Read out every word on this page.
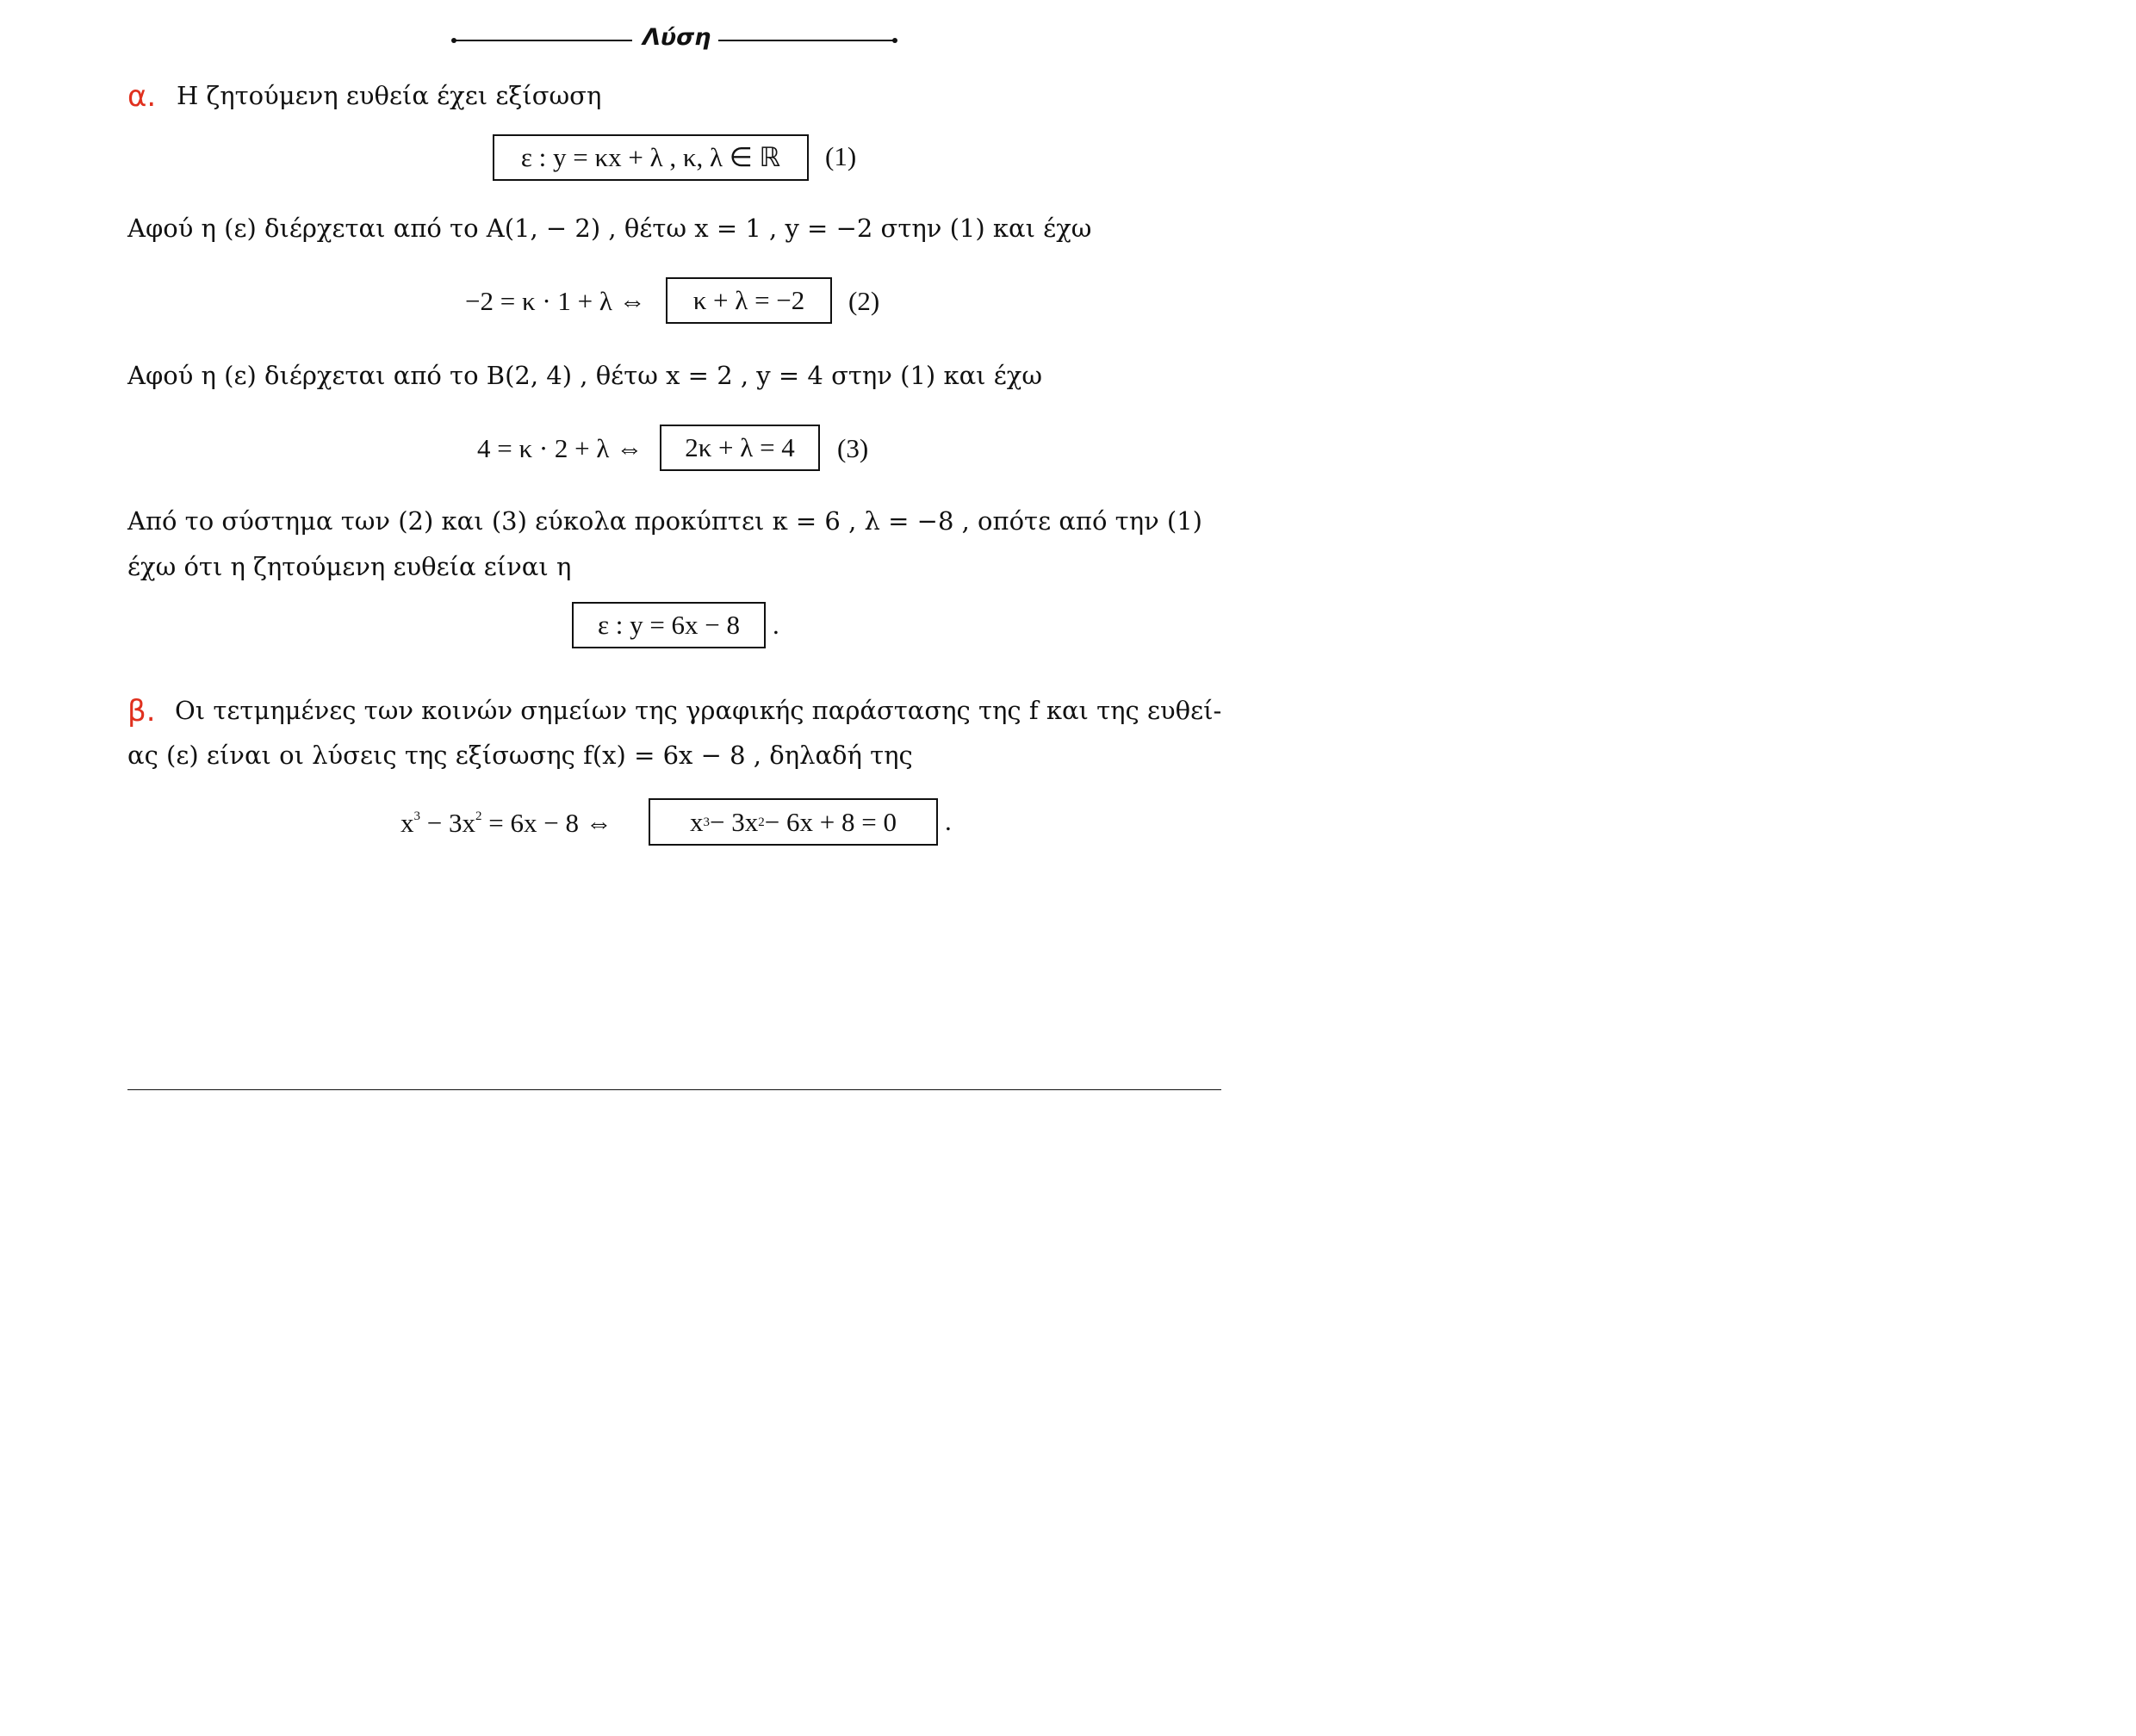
Λύση
α. Η ζητούμενη ευθεία έχει εξίσωση
ε : y = κx + λ , κ, λ ∈ ℝ	(1)
Αφού η (ε) διέρχεται από το A(1, − 2) , θέτω x = 1 , y = −2 στην (1) και έχω
−2 = κ · 1 + λ ⇔	κ + λ = −2	(2)
Αφού η (ε) διέρχεται από το B(2, 4) , θέτω x = 2 , y = 4 στην (1) και έχω
4 = κ · 2 + λ ⇔	2κ + λ = 4	(3)
Από το σύστημα των (2) και (3) εύκολα προκύπτει κ = 6 , λ = −8 , οπότε από την (1)
έχω ότι η ζητούμενη ευθεία είναι η
ε : y = 6x − 8	.
β. Οι τετμημένες των κοινών σημείων της γραφικής παράστασης της f και της ευθεί-
ας (ε) είναι οι λύσεις της εξίσωσης f(x) = 6x − 8 , δηλαδή της
$x^3 - 3x^2 = 6x - 8$ ⇔	x 3 − 3x 2 − 6x + 8 = 0 .
